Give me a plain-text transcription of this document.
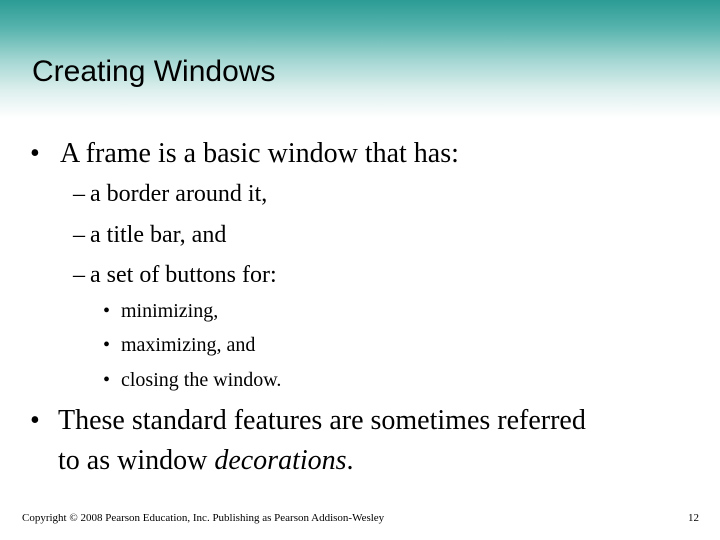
Creating Windows
• A frame is a basic window that has:
– a border around it,
– a title bar, and
– a set of buttons for:
• minimizing,
• maximizing, and
• closing the window.
• These standard features are sometimes referred
to as window decorations.
Copyright © 2008 Pearson Education, Inc. Publishing as Pearson Addison-Wesley	12
